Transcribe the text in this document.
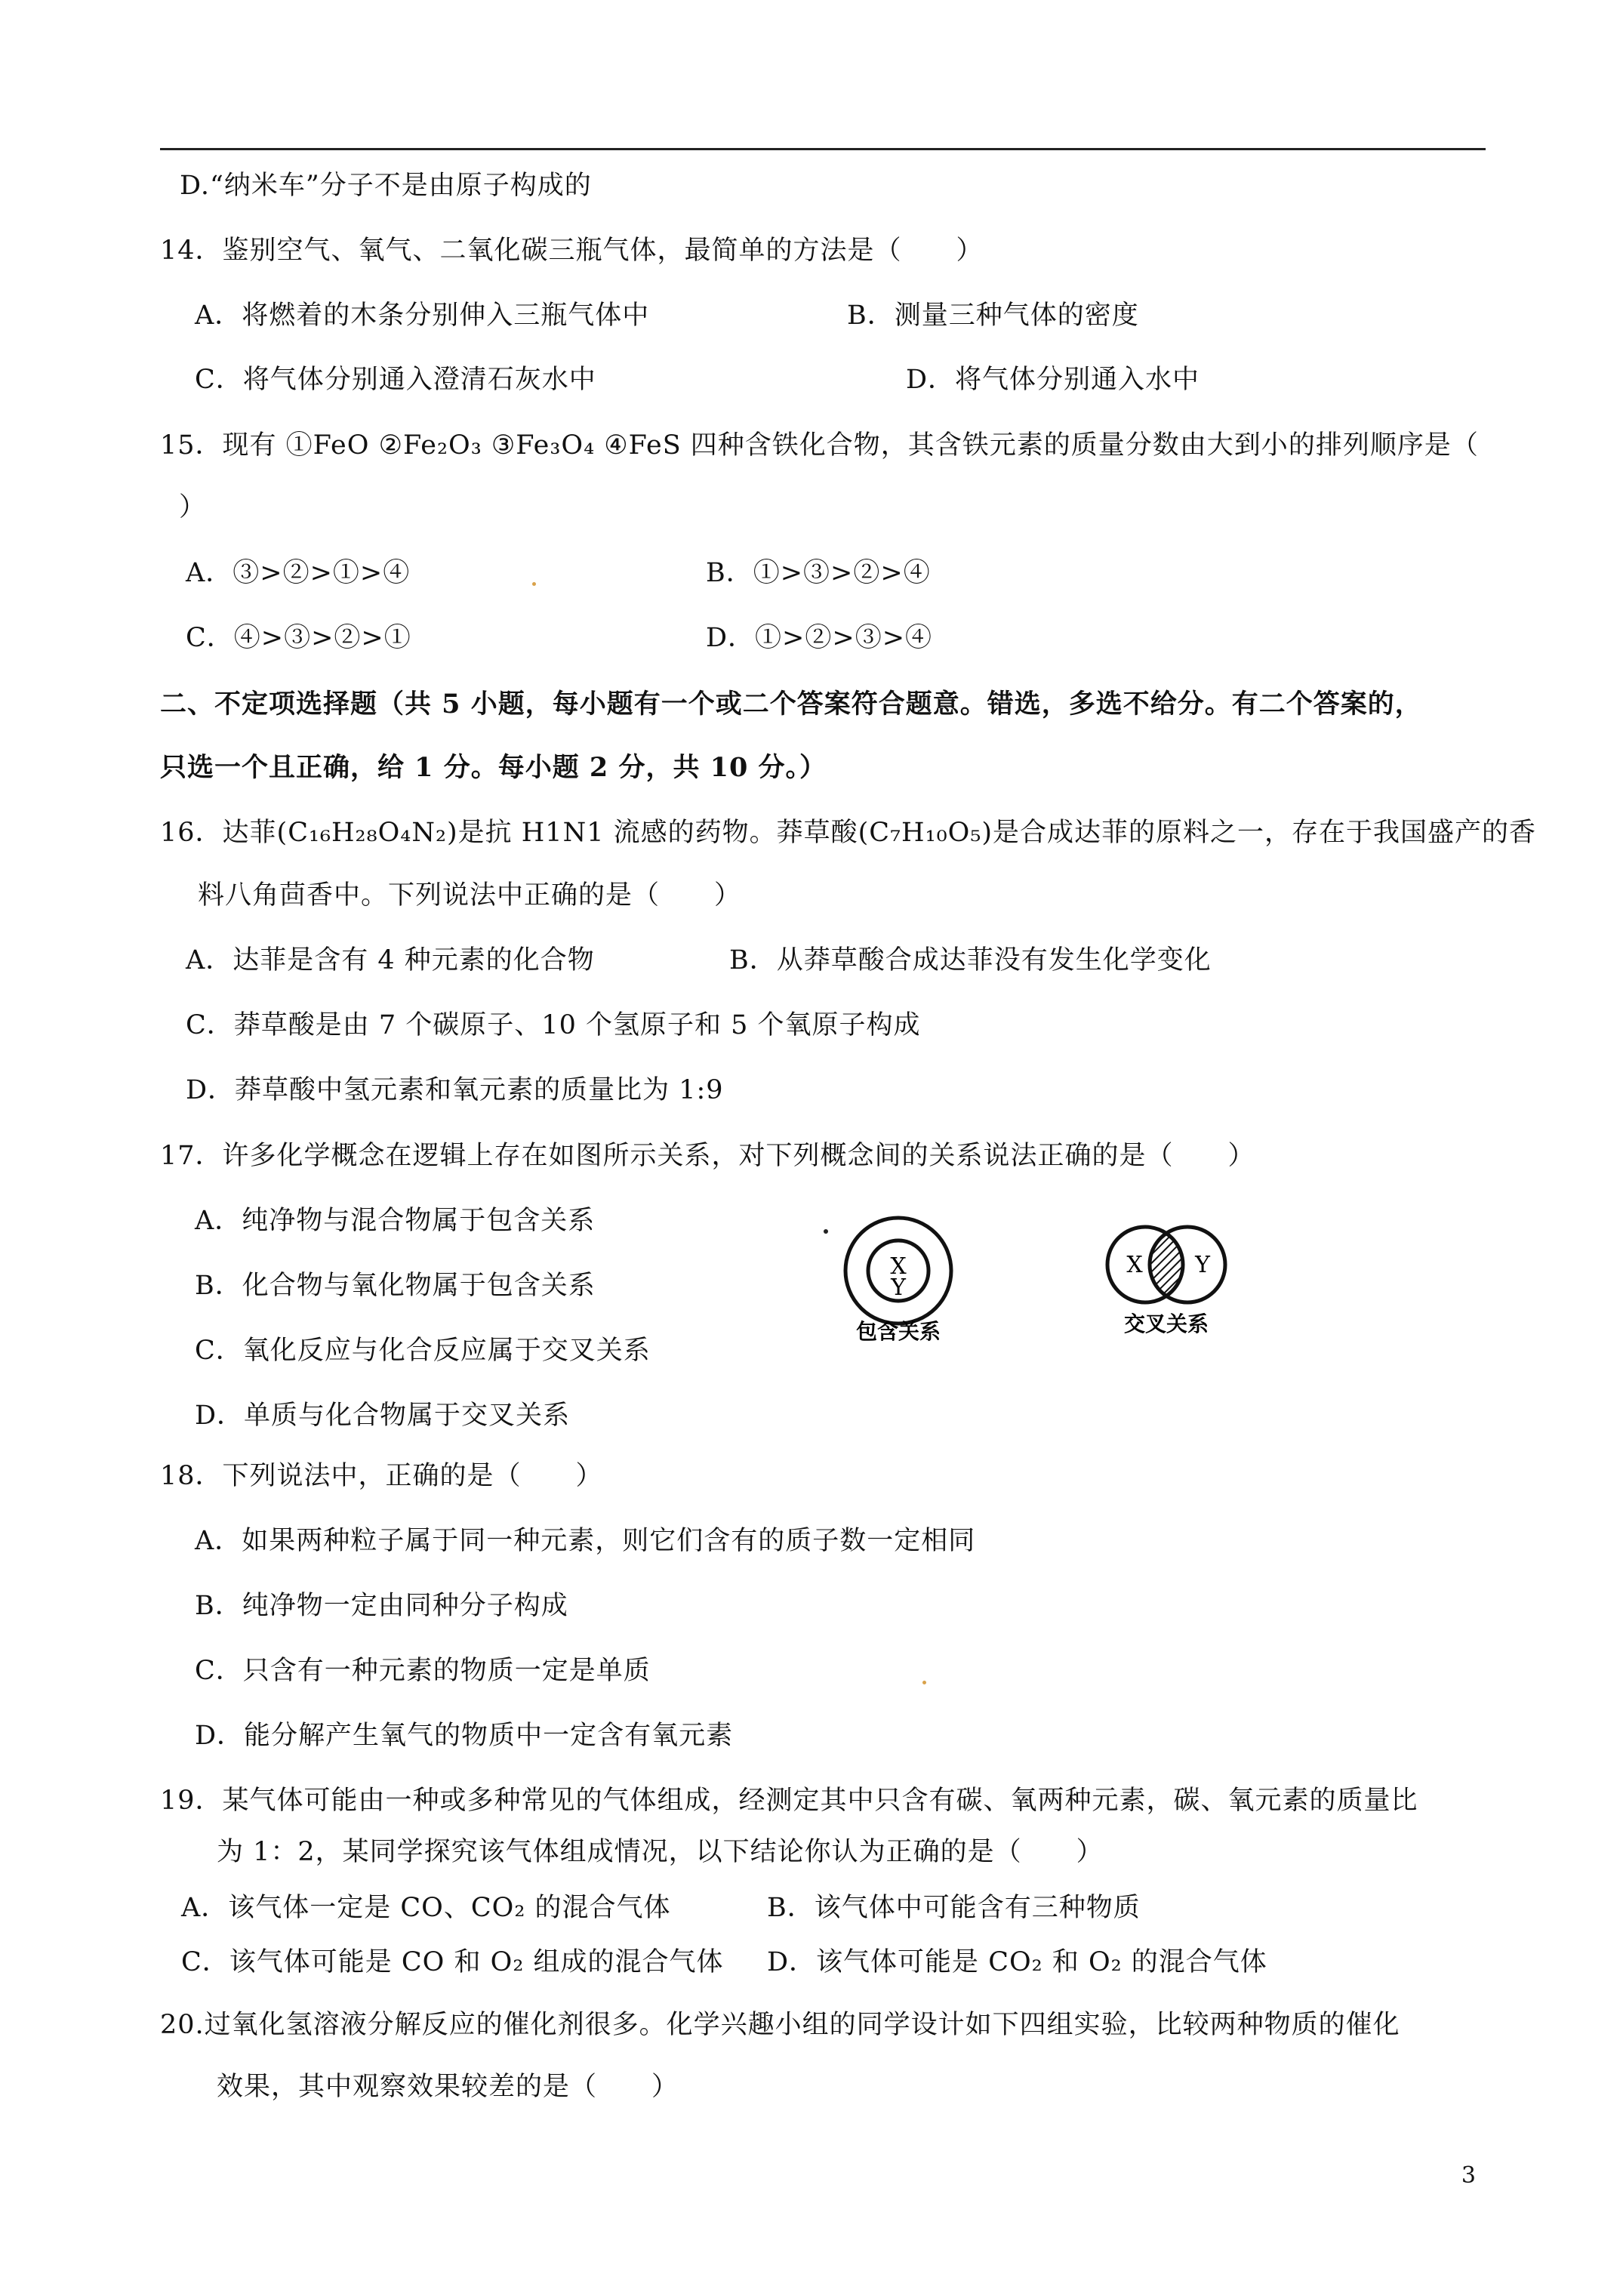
D.“纳米车”分子不是由原子构成的
14．鉴别空气、氧气、二氧化碳三瓶气体，最简单的方法是（　　）
A．将燃着的木条分别伸入三瓶气体中	B．测量三种气体的密度
C．将气体分别通入澄清石灰水中	D．将气体分别通入水中
15．现有 ①FeO ②Fe₂O₃ ③Fe₃O₄ ④FeS 四种含铁化合物，其含铁元素的质量分数由大到小的排列顺序是（
）
A．③>②>①>④	B．①>③>②>④
C．④>③>②>①	D．①>②>③>④
二、不定项选择题（共 5 小题，每小题有一个或二个答案符合题意。错选，多选不给分。有二个答案的，
只选一个且正确，给 1 分。每小题 2 分，共 10 分。）
16．达菲(C₁₆H₂₈O₄N₂)是抗 H1N1 流感的药物。莽草酸(C₇H₁₀O₅)是合成达菲的原料之一，存在于我国盛产的香
料八角茴香中。下列说法中正确的是（　　）
A．达菲是含有 4 种元素的化合物	B．从莽草酸合成达菲没有发生化学变化
C．莽草酸是由 7 个碳原子、10 个氢原子和 5 个氧原子构成
D．莽草酸中氢元素和氧元素的质量比为 1:9
17．许多化学概念在逻辑上存在如图所示关系，对下列概念间的关系说法正确的是（　　）
A．纯净物与混合物属于包含关系
B．化合物与氧化物属于包含关系
C．氧化反应与化合反应属于交叉关系
D．单质与化合物属于交叉关系
X
Y
包含关系
X Y
交叉关系
18．下列说法中，正确的是（　　）
A．如果两种粒子属于同一种元素，则它们含有的质子数一定相同
B．纯净物一定由同种分子构成
C．只含有一种元素的物质一定是单质
D．能分解产生氧气的物质中一定含有氧元素
19．某气体可能由一种或多种常见的气体组成，经测定其中只含有碳、氧两种元素，碳、氧元素的质量比
为 1：2，某同学探究该气体组成情况，以下结论你认为正确的是（　　）
A．该气体一定是 CO、CO₂ 的混合气体	B．该气体中可能含有三种物质
C．该气体可能是 CO 和 O₂ 组成的混合气体 D．该气体可能是 CO₂ 和 O₂ 的混合气体
20.过氧化氢溶液分解反应的催化剂很多。化学兴趣小组的同学设计如下四组实验，比较两种物质的催化
效果，其中观察效果较差的是（　　）
3
